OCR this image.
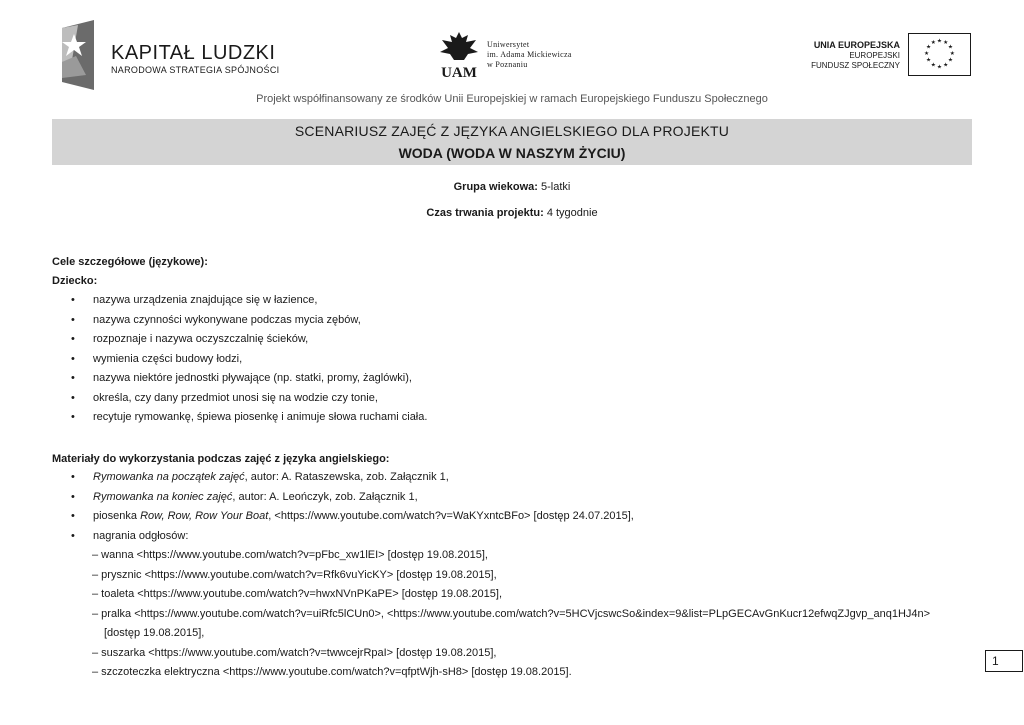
KAPITAŁ LUDZKI
NARODOWA STRATEGIA SPÓJNOŚCI	UAM
Uniwersytet
im. Adama Mickiewicza
w Poznaniu
UNIA EUROPEJSKA
EUROPEJSKI
FUNDUSZ SPOŁECZNY
★ ★
★
★
★
★
★
★
★
★
★
★
Projekt współfinansowany ze środków Unii Europejskiej w ramach Europejskiego Funduszu Społecznego
SCENARIUSZ ZAJĘĆ Z JĘZYKA ANGIELSKIEGO DLA PROJEKTU
WODA (WODA W NASZYM ŻYCIU)
Grupa wiekowa: 5-latki
Czas trwania projektu: 4 tygodnie
Cele szczegółowe (językowe):
Dziecko:
• nazywa urządzenia znajdujące się w łazience,
• nazywa czynności wykonywane podczas mycia zębów,
• rozpoznaje i nazywa oczyszczalnię ścieków,
• wymienia części budowy łodzi,
• nazywa niektóre jednostki pływające (np. statki, promy, żaglówki),
• określa, czy dany przedmiot unosi się na wodzie czy tonie,
• recytuje rymowankę, śpiewa piosenkę i animuje słowa ruchami ciała.
Materiały do wykorzystania podczas zajęć z języka angielskiego:
• Rymowanka na początek zajęć, autor: A. Rataszewska, zob. Załącznik 1,
• Rymowanka na koniec zajęć, autor: A. Leończyk, zob. Załącznik 1,
• piosenka Row, Row, Row Your Boat, <https://www.youtube.com/watch?v=WaKYxntcBFo> [dostęp 24.07.2015],
• nagrania odgłosów:
– wanna <https://www.youtube.com/watch?v=pFbc_xw1lEI> [dostęp 19.08.2015],
– prysznic <https://www.youtube.com/watch?v=Rfk6vuYicKY> [dostęp 19.08.2015],
– toaleta <https://www.youtube.com/watch?v=hwxNVnPKaPE> [dostęp 19.08.2015],
– pralka <https://www.youtube.com/watch?v=uiRfc5lCUn0>, <https://www.youtube.com/watch?v=5HCVjcswcSo&index=9&list=PLpGECAvGnKucr12efwqZJgvp_anq1HJ4n>
[dostęp 19.08.2015],
– suszarka <https://www.youtube.com/watch?v=twwcejrRpaI> [dostęp 19.08.2015],
– szczoteczka elektryczna <https://www.youtube.com/watch?v=qfptWjh-sH8> [dostęp 19.08.2015].
1
